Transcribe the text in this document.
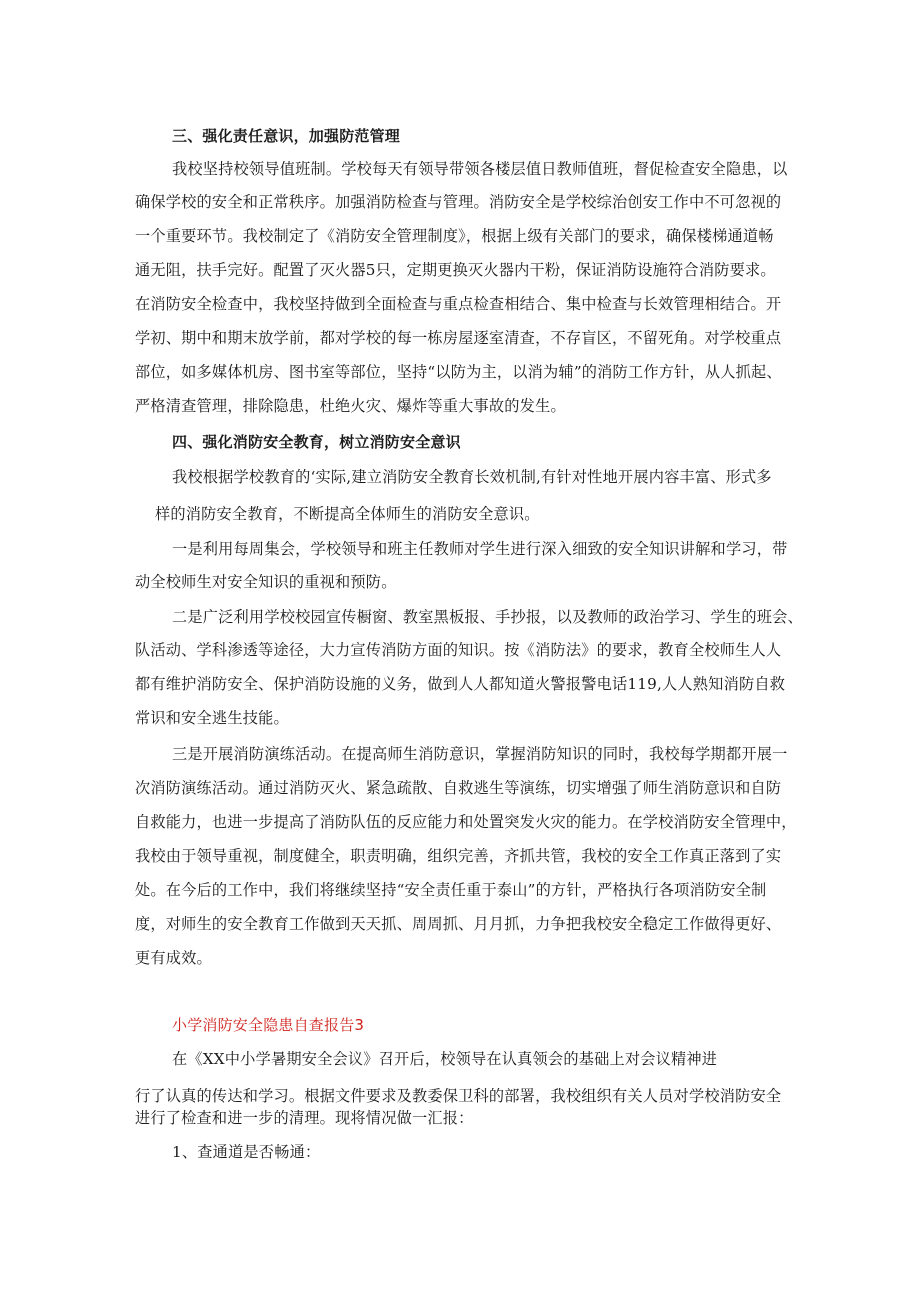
三、强化责任意识，加强防范管理
我校坚持校领导值班制。学校每天有领导带领各楼层值日教师值班，督促检查安全隐患，以
确保学校的安全和正常秩序。加强消防检查与管理。消防安全是学校综治创安工作中不可忽视的
一个重要环节。我校制定了《消防安全管理制度》，根据上级有关部门的要求，确保楼梯通道畅
通无阻，扶手完好。配置了灭火器5只，定期更换灭火器内干粉，保证消防设施符合消防要求。
在消防安全检查中，我校坚持做到全面检查与重点检查相结合、集中检查与长效管理相结合。开
学初、期中和期末放学前，都对学校的每一栋房屋逐室清查，不存盲区，不留死角。对学校重点
部位，如多媒体机房、图书室等部位，坚持“以防为主，以消为辅”的消防工作方针，从人抓起、
严格清查管理，排除隐患，杜绝火灾、爆炸等重大事故的发生。
四、强化消防安全教育，树立消防安全意识
我校根据学校教育的‘实际,建立消防安全教育长效机制,有针对性地开展内容丰富、形式多
样的消防安全教育，不断提高全体师生的消防安全意识。
一是利用每周集会，学校领导和班主任教师对学生进行深入细致的安全知识讲解和学习，带
动全校师生对安全知识的重视和预防。
二是广泛利用学校校园宣传橱窗、教室黑板报、手抄报，以及教师的政治学习、学生的班会、
队活动、学科渗透等途径，大力宣传消防方面的知识。按《消防法》的要求，教育全校师生人人
都有维护消防安全、保护消防设施的义务，做到人人都知道火警报警电话119,人人熟知消防自救
常识和安全逃生技能。
三是开展消防演练活动。在提高师生消防意识，掌握消防知识的同时，我校每学期都开展一
次消防演练活动。通过消防灭火、紧急疏散、自救逃生等演练，切实增强了师生消防意识和自防
自救能力，也进一步提高了消防队伍的反应能力和处置突发火灾的能力。在学校消防安全管理中，
我校由于领导重视，制度健全，职责明确，组织完善，齐抓共管，我校的安全工作真正落到了实
处。在今后的工作中，我们将继续坚持“安全责任重于泰山”的方针，严格执行各项消防安全制
度，对师生的安全教育工作做到天天抓、周周抓、月月抓，力争把我校安全稳定工作做得更好、
更有成效。
小学消防安全隐患自查报告3
在《XX中小学暑期安全会议》召开后，校领导在认真领会的基础上对会议精神进
行了认真的传达和学习。根据文件要求及教委保卫科的部署，我校组织有关人员对学校消防安全
进行了检查和进一步的清理。现将情况做一汇报：
1、查通道是否畅通：
